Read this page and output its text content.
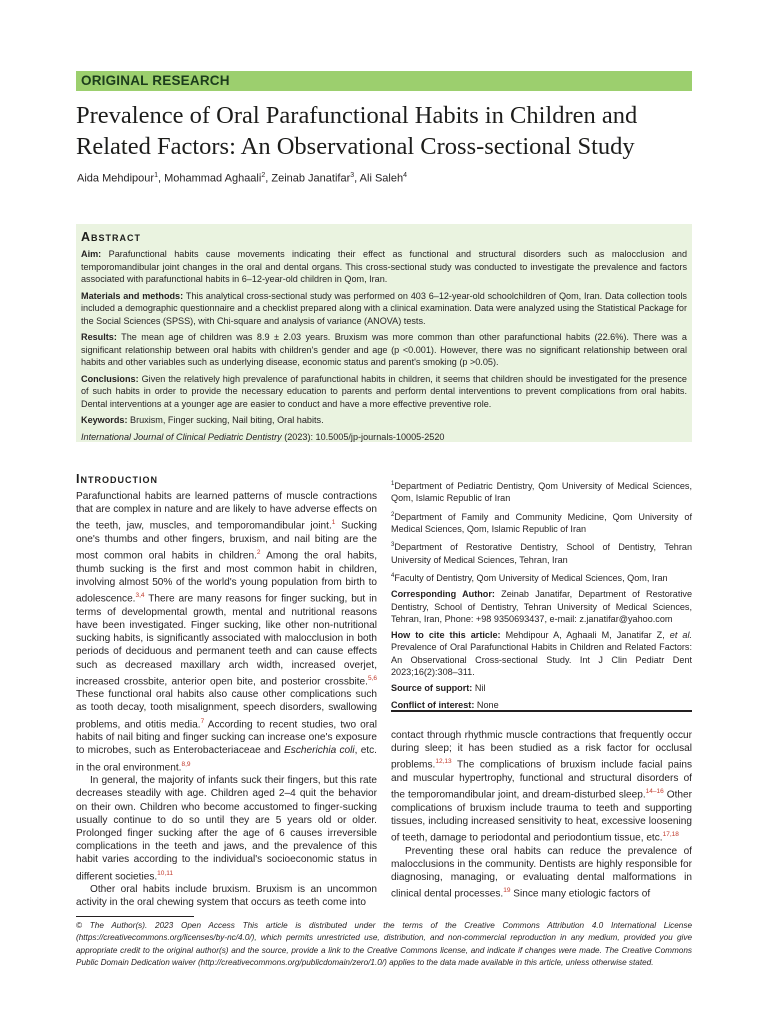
ORIGINAL RESEARCH
Prevalence of Oral Parafunctional Habits in Children and Related Factors: An Observational Cross-sectional Study
Aida Mehdipour$^1$, Mohammad Aghaali$^2$, Zeinab Janatifar$^3$, Ali Saleh$^4$
Abstract

Aim: Parafunctional habits cause movements indicating their effect as functional and structural disorders such as malocclusion and temporomandibular joint changes in the oral and dental organs. This cross-sectional study was conducted to investigate the prevalence and factors associated with parafunctional habits in 6–12-year-old children in Qom, Iran.

Materials and methods: This analytical cross-sectional study was performed on 403 6–12-year-old schoolchildren of Qom, Iran. Data collection tools included a demographic questionnaire and a checklist prepared along with a clinical examination. Data were analyzed using the Statistical Package for the Social Sciences (SPSS), with Chi-square and analysis of variance (ANOVA) tests.

Results: The mean age of children was 8.9 ± 2.03 years. Bruxism was more common than other parafunctional habits (22.6%). There was a significant relationship between oral habits with children's gender and age (p <0.001). However, there was no significant relationship between oral habits and other variables such as underlying disease, economic status and parent's smoking (p >0.05).

Conclusions: Given the relatively high prevalence of parafunctional habits in children, it seems that children should be investigated for the presence of such habits in order to provide the necessary education to parents and perform dental interventions to prevent complications from oral habits. Dental interventions at a younger age are easier to conduct and have a more effective preventive role.

Keywords: Bruxism, Finger sucking, Nail biting, Oral habits.

International Journal of Clinical Pediatric Dentistry (2023): 10.5005/jp-journals-10005-2520

Introduction

Parafunctional habits are learned patterns of muscle contractions that are complex in nature and are likely to have adverse effects on the teeth, jaw, muscles, and temporomandibular joint.$^1$ Sucking one's thumbs and other fingers, bruxism, and nail biting are the most common oral habits in children.$^2$ Among the oral habits, thumb sucking is the first and most common habit in children, involving almost 50% of the world's young population from birth to adolescence.$^{3,4}$ There are many reasons for finger sucking, but in terms of developmental growth, mental and nutritional reasons have been investigated. Finger sucking, like other non-nutritional sucking habits, is significantly associated with malocclusion in both periods of deciduous and permanent teeth and can cause effects such as decreased maxillary arch width, increased overjet, increased crossbite, anterior open bite, and posterior crossbite.$^{5,6}$ These functional oral habits also cause other complications such as tooth decay, tooth misalignment, speech disorders, swallowing problems, and otitis media.$^7$ According to recent studies, two oral habits of nail biting and finger sucking can increase one's exposure to microbes, such as Enterobacteriaceae and Escherichia coli, etc. in the oral environment.$^{8,9}$

In general, the majority of infants suck their fingers, but this rate decreases steadily with age. Children aged 2–4 quit the behavior on their own. Children who become accustomed to finger-sucking usually continue to do so until they are 5 years old or older. Prolonged finger sucking after the age of 6 causes irreversible complications in the teeth and jaws, and the prevalence of this habit varies according to the individual's socioeconomic status in different societies.$^{10,11}$

Other oral habits include bruxism. Bruxism is an uncommon activity in the oral chewing system that occurs as teeth come into

$^1$Department of Pediatric Dentistry, Qom University of Medical Sciences, Qom, Islamic Republic of Iran

$^2$Department of Family and Community Medicine, Qom University of Medical Sciences, Qom, Islamic Republic of Iran

$^3$Department of Restorative Dentistry, School of Dentistry, Tehran University of Medical Sciences, Tehran, Iran

$^4$Faculty of Dentistry, Qom University of Medical Sciences, Qom, Iran

Corresponding Author: Zeinab Janatifar, Department of Restorative Dentistry, School of Dentistry, Tehran University of Medical Sciences, Tehran, Iran, Phone: +98 9350693437, e-mail: z.janatifar@yahoo.com

How to cite this article: Mehdipour A, Aghaali M, Janatifar Z, et al. Prevalence of Oral Parafunctional Habits in Children and Related Factors: An Observational Cross-sectional Study. Int J Clin Pediatr Dent 2023;16(2):308–311.

Source of support: Nil

Conflict of interest: None

contact through rhythmic muscle contractions that frequently occur during sleep; it has been studied as a risk factor for occlusal problems.$^{12,13}$ The complications of bruxism include facial pains and muscular hypertrophy, functional and structural disorders of the temporomandibular joint, and dream-disturbed sleep.$^{14-16}$ Other complications of bruxism include trauma to teeth and supporting tissues, including increased sensitivity to heat, excessive loosening of teeth, damage to periodontal and periodontium tissue, etc.$^{17,18}$

Preventing these oral habits can reduce the prevalence of malocclusions in the community. Dentists are highly responsible for diagnosing, managing, or evaluating dental malformations in clinical dental processes.$^{19}$ Since many etiologic factors of

© The Author(s). 2023 Open Access This article is distributed under the terms of the Creative Commons Attribution 4.0 International License (https://creativecommons.org/licenses/by-nc/4.0/), which permits unrestricted use, distribution, and non-commercial reproduction in any medium, provided you give appropriate credit to the original author(s) and the source, provide a link to the Creative Commons license, and indicate if changes were made. The Creative Commons Public Domain Dedication waiver (http://creativecommons.org/publicdomain/zero/1.0/) applies to the data made available in this article, unless otherwise stated.
